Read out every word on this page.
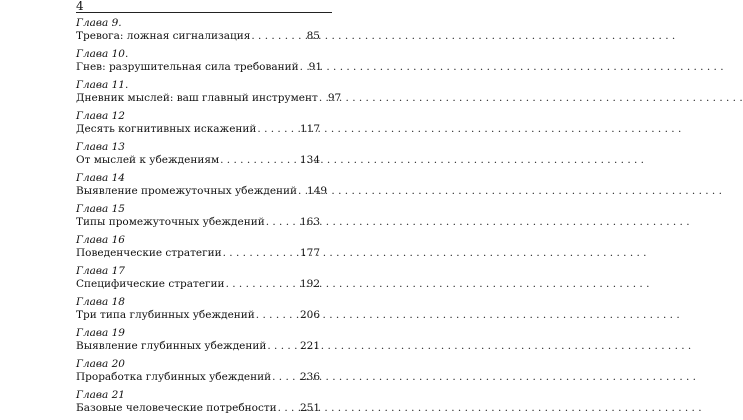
4
Глава 9.
Тревога: ложная сигнализация . . .	85
Глава 10.
Гнев: разрушительная сила требований . . . 91
Глава 11.
Дневник мыслей: ваш главный инструмент . . . 97
Глава 12
Десять когнитивных искажений . . .	117
Глава 13
От мыслей к убеждениям . . .	134
Глава 14
Выявление промежуточных убеждений . . . 149
Глава 15
Типы промежуточных убеждений . . .	163
Глава 16
Поведенческие стратегии . . .	177
Глава 17
Специфические стратегии . . .	192
Глава 18
Три типа глубинных убеждений . . .	206
Глава 19
Выявление глубинных убеждений . . .	221
Глава 20
Проработка глубинных убеждений . . .	236
Глава 21
Базовые человеческие потребности . . . 251
